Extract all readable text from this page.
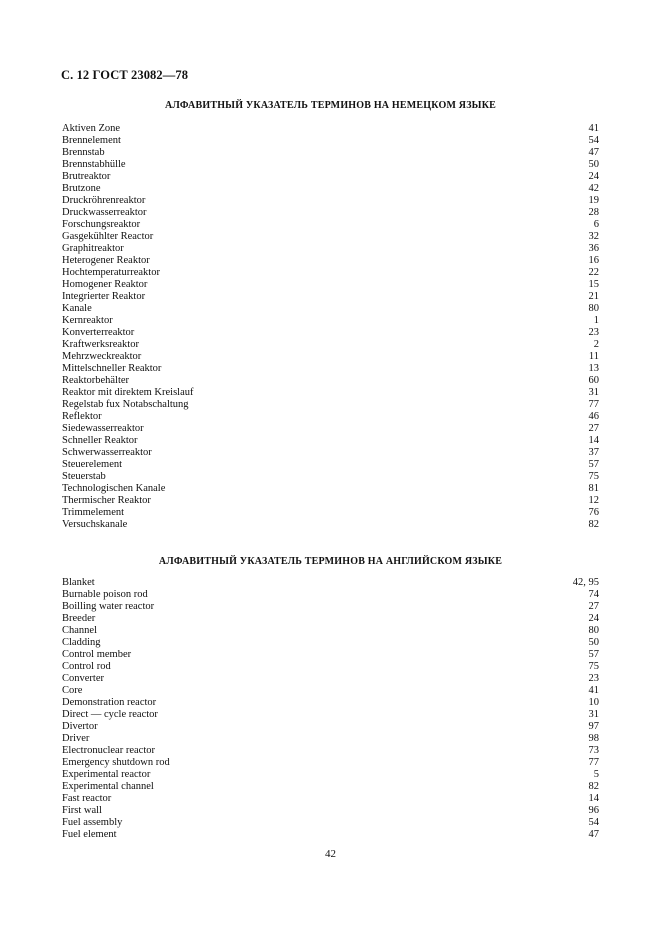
С. 12 ГОСТ 23082—78
АЛФАВИТНЫЙ УКАЗАТЕЛЬ ТЕРМИНОВ НА НЕМЕЦКОМ ЯЗЫКЕ
Aktiven Zone	41
Brennelement	54
Brennstab	47
Brennstabhülle	50
Brutreaktor	24
Brutzone	42
Druckröhrenreaktor	19
Druckwasserreaktor	28
Forschungsreaktor	6
Gasgekühlter Reactor	32
Graphitreaktor	36
Heterogener Reaktor	16
Hochtemperaturreaktor	22
Homogener Reaktor	15
Integrierter Reaktor	21
Kanale	80
Kernreaktor	1
Konverterreaktor	23
Kraftwerksreaktor	2
Mehrzweckreaktor	11
Mittelschneller Reaktor	13
Reaktorbehälter	60
Reaktor mit direktem Kreislauf	31
Regelstab fux Notabschaltung	77
Reflektor	46
Siedewasserreaktor	27
Schneller Reaktor	14
Schwerwasserreaktor	37
Steuerelement	57
Steuerstab	75
Technologischen Kanale	81
Thermischer Reaktor	12
Trimmelement	76
Versuchskanale	82
АЛФАВИТНЫЙ УКАЗАТЕЛЬ ТЕРМИНОВ НА АНГЛИЙСКОМ ЯЗЫКЕ
Blanket	42, 95
Burnable poison rod	74
Boilling water reactor	27
Breeder	24
Channel	80
Cladding	50
Control member	57
Control rod	75
Converter	23
Core	41
Demonstration reactor	10
Direct — cycle reactor	31
Divertor	97
Driver	98
Electronuclear reactor	73
Emergency shutdown rod	77
Experimental reactor	5
Experimental channel	82
Fast reactor	14
First wall	96
Fuel assembly	54
Fuel element	47
42
